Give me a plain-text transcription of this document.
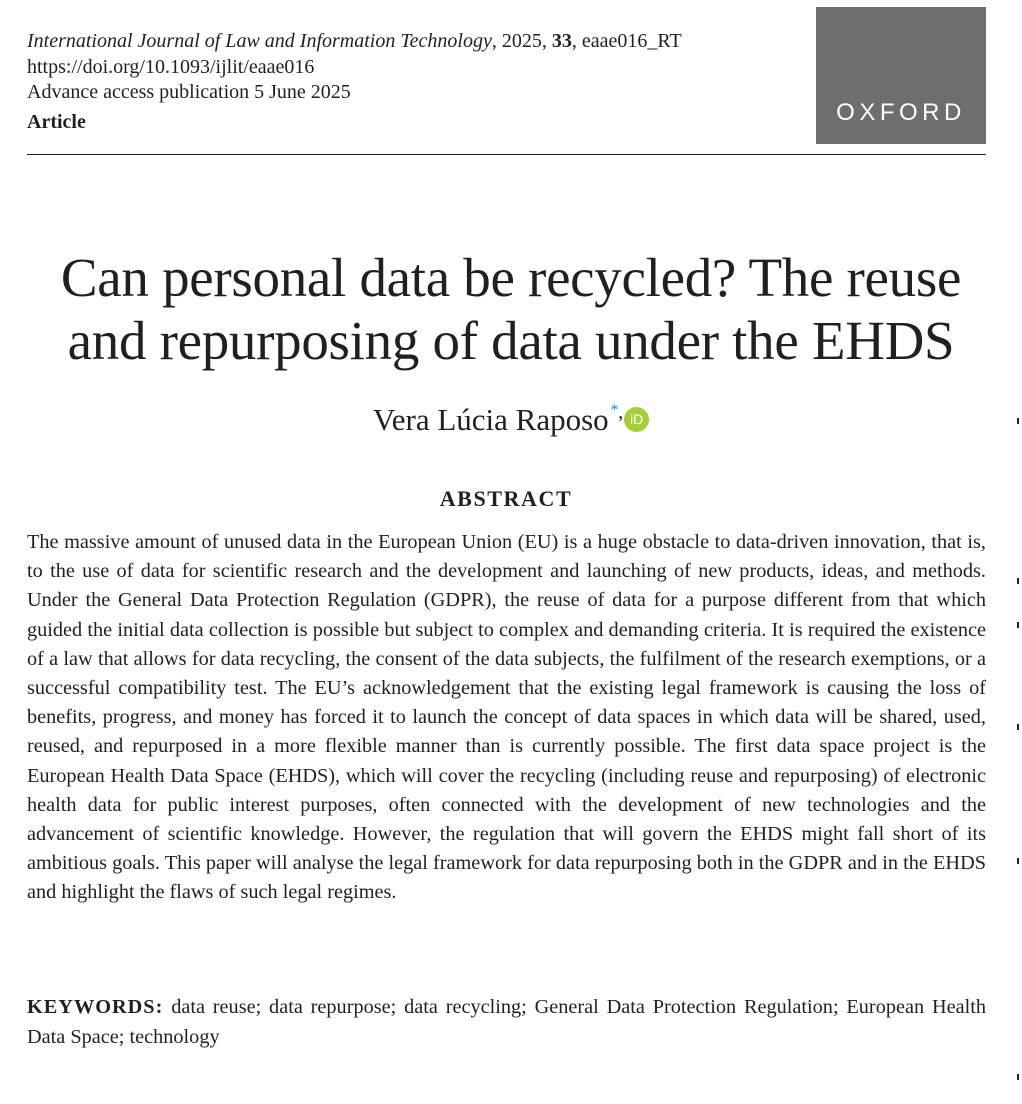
International Journal of Law and Information Technology, 2025, 33, eaae016_RT
https://doi.org/10.1093/ijlit/eaae016
Advance access publication 5 June 2025
Article	OXFORD
Can personal data be recycled? The reuse and repurposing of data under the EHDS
Vera Lúcia Raposo *, iD
ABSTRACT

The massive amount of unused data in the European Union (EU) is a huge obstacle to data-driven innovation, that is, to the use of data for scientific research and the development and launching of new products, ideas, and methods. Under the General Data Protection Regulation (GDPR), the reuse of data for a purpose different from that which guided the initial data collection is possible but subject to complex and demanding criteria. It is required the existence of a law that allows for data recycling, the consent of the data subjects, the fulfilment of the research exemptions, or a successful compatibility test. The EU’s acknowledgement that the existing legal framework is causing the loss of benefits, progress, and money has forced it to launch the concept of data spaces in which data will be shared, used, reused, and repurposed in a more flexible manner than is currently possible. The first data space project is the European Health Data Space (EHDS), which will cover the recycling (including reuse and repurposing) of electronic health data for public interest purposes, often connected with the development of new technologies and the advancement of scientific knowledge. However, the regulation that will govern the EHDS might fall short of its ambitious goals. This paper will analyse the legal framework for data repurposing both in the GDPR and in the EHDS and highlight the flaws of such legal regimes.

KEYWORDS: data reuse; data repurpose; data recycling; General Data Protection Regulation; European Health Data Space; technology
